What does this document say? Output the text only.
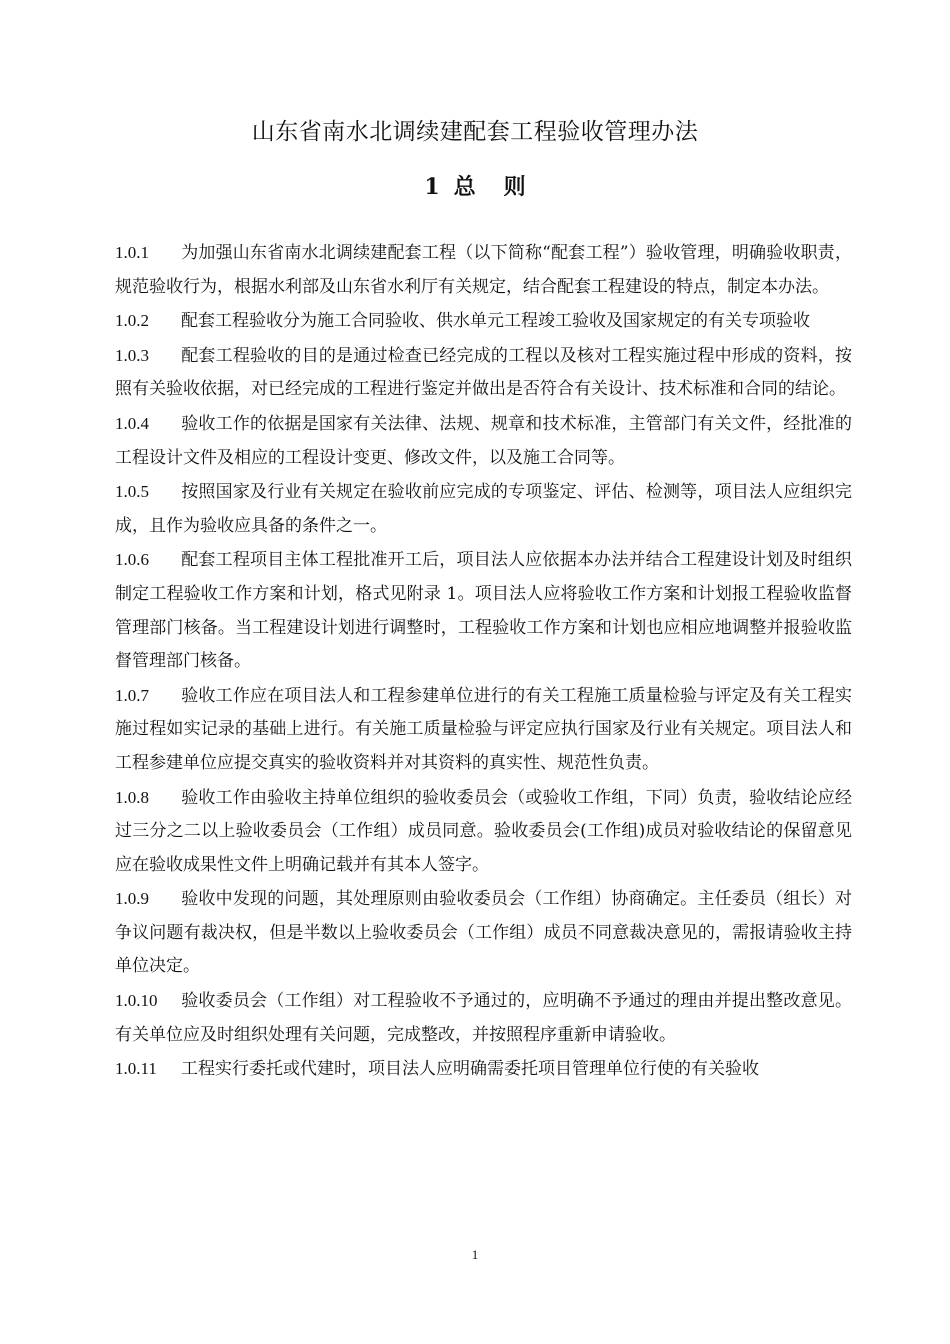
山东省南水北调续建配套工程验收管理办法
1 总 则

1.0.1 为加强山东省南水北调续建配套工程（以下简称“配套工程”）验收管理，明确验收职责，规范验收行为，根据水利部及山东省水利厅有关规定，结合配套工程建设的特点，制定本办法。

1.0.2 配套工程验收分为施工合同验收、供水单元工程竣工验收及国家规定的有关专项验收

1.0.3 配套工程验收的目的是通过检查已经完成的工程以及核对工程实施过程中形成的资料，按照有关验收依据，对已经完成的工程进行鉴定并做出是否符合有关设计、技术标准和合同的结论。

1.0.4 验收工作的依据是国家有关法律、法规、规章和技术标准，主管部门有关文件，经批准的工程设计文件及相应的工程设计变更、修改文件，以及施工合同等。

1.0.5 按照国家及行业有关规定在验收前应完成的专项鉴定、评估、检测等，项目法人应组织完成，且作为验收应具备的条件之一。

1.0.6 配套工程项目主体工程批准开工后，项目法人应依据本办法并结合工程建设计划及时组织制定工程验收工作方案和计划，格式见附录 1。项目法人应将验收工作方案和计划报工程验收监督管理部门核备。当工程建设计划进行调整时，工程验收工作方案和计划也应相应地调整并报验收监督管理部门核备。

1.0.7 验收工作应在项目法人和工程参建单位进行的有关工程施工质量检验与评定及有关工程实施过程如实记录的基础上进行。有关施工质量检验与评定应执行国家及行业有关规定。项目法人和工程参建单位应提交真实的验收资料并对其资料的真实性、规范性负责。

1.0.8 验收工作由验收主持单位组织的验收委员会（或验收工作组，下同）负责，验收结论应经过三分之二以上验收委员会（工作组）成员同意。验收委员会(工作组)成员对验收结论的保留意见应在验收成果性文件上明确记载并有其本人签字。

1.0.9 验收中发现的问题，其处理原则由验收委员会（工作组）协商确定。主任委员（组长）对争议问题有裁决权，但是半数以上验收委员会（工作组）成员不同意裁决意见的，需报请验收主持单位决定。

1.0.10 验收委员会（工作组）对工程验收不予通过的，应明确不予通过的理由并提出整改意见。有关单位应及时组织处理有关问题，完成整改，并按照程序重新申请验收。

1.0.11 工程实行委托或代建时，项目法人应明确需委托项目管理单位行使的有关验收

1
